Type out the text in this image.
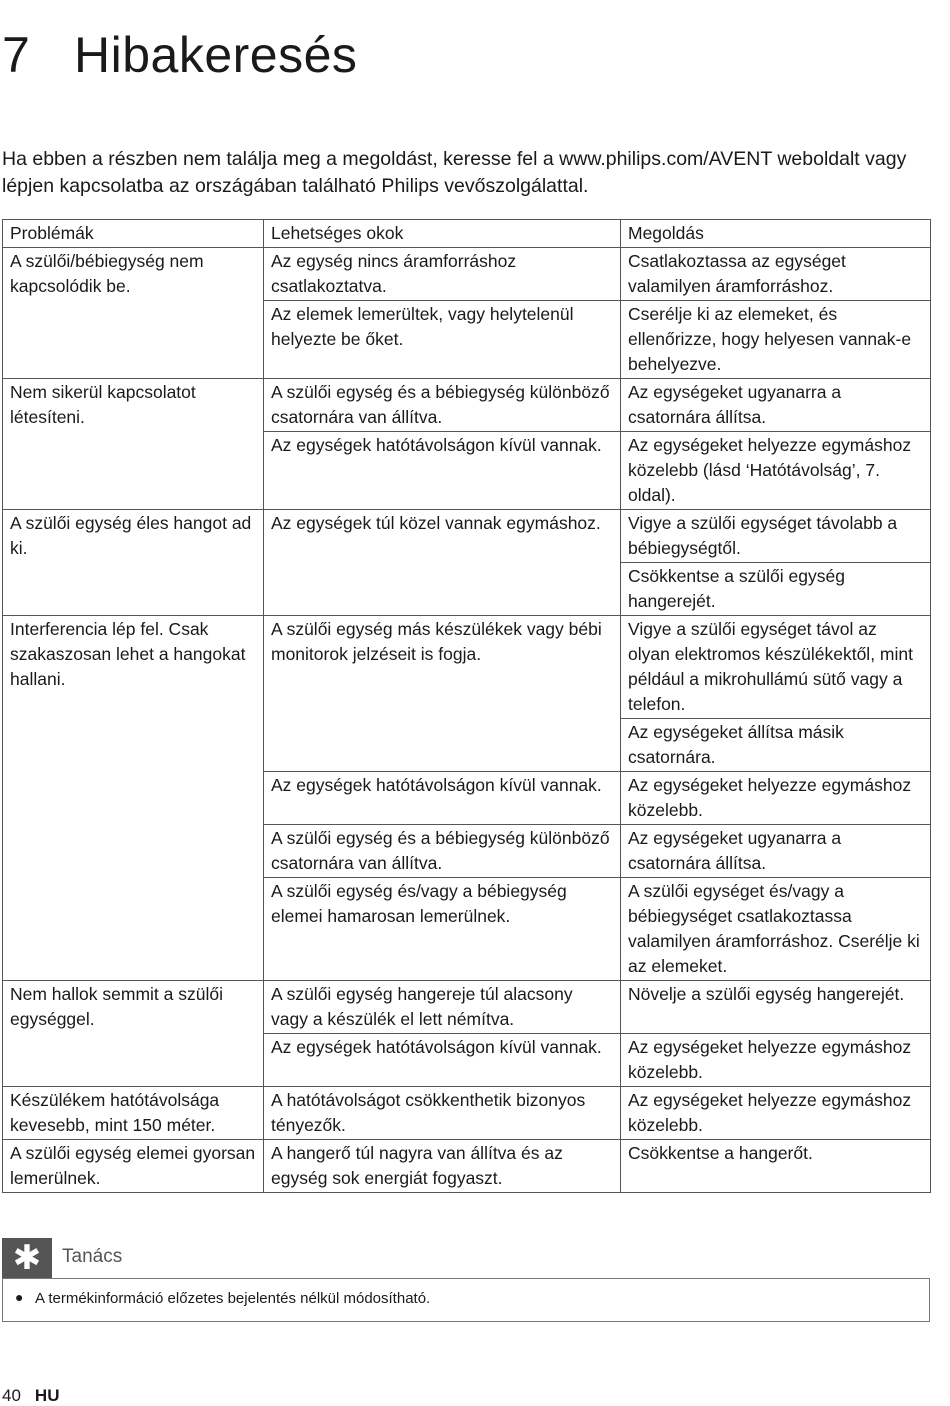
7 Hibakeresés

Ha ebben a részben nem találja meg a megoldást, keresse fel a www.philips.com/AVENT weboldalt vagy lépjen kapcsolatba az országában található Philips vevőszolgálattal.

Problémák	Lehetséges okok	Megoldás
A szülői/bébiegység nem kapcsolódik be.	Az egység nincs áramforráshoz csatlakoztatva.	Csatlakoztassa az egységet valamilyen áramforráshoz.
	Az elemek lemerültek, vagy helytelenül helyezte be őket.	Cserélje ki az elemeket, és ellenőrizze, hogy helyesen vannak-e behelyezve.
Nem sikerül kapcsolatot létesíteni.	A szülői egység és a bébiegység különböző csatornára van állítva.	Az egységeket ugyanarra a csatornára állítsa.
	Az egységek hatótávolságon kívül vannak.	Az egységeket helyezze egymáshoz közelebb (lásd ‘Hatótávolság’, 7. oldal).
A szülői egység éles hangot ad ki.	Az egységek túl közel vannak egymáshoz.	Vigye a szülői egységet távolabb a bébiegységtől.
		Csökkentse a szülői egység hangerejét.
Interferencia lép fel. Csak szakaszosan lehet a hangokat hallani.	A szülői egység más készülékek vagy bébi monitorok jelzéseit is fogja.	Vigye a szülői egységet távol az olyan elektromos készülékektől, mint például a mikrohullámú sütő vagy a telefon.
		Az egységeket állítsa másik csatornára.
	Az egységek hatótávolságon kívül vannak.	Az egységeket helyezze egymáshoz közelebb.
	A szülői egység és a bébiegység különböző csatornára van állítva.	Az egységeket ugyanarra a csatornára állítsa.
	A szülői egység és/vagy a bébiegység elemei hamarosan lemerülnek.	A szülői egységet és/vagy a bébiegységet csatlakoztassa valamilyen áramforráshoz. Cserélje ki az elemeket.
Nem hallok semmit a szülői egységgel.	A szülői egység hangereje túl alacsony vagy a készülék el lett némítva.	Növelje a szülői egység hangerejét.
	Az egységek hatótávolságon kívül vannak.	Az egységeket helyezze egymáshoz közelebb.
Készülékem hatótávolsága kevesebb, mint 150 méter.	A hatótávolságot csökkenthetik bizonyos tényezők.	Az egységeket helyezze egymáshoz közelebb.
A szülői egység elemei gyorsan lemerülnek.	A hangerő túl nagyra van állítva és az egység sok energiát fogyaszt.	Csökkentse a hangerőt.
✱	Tanács
● A termékinformáció előzetes bejelentés nélkül módosítható.
40 HU
